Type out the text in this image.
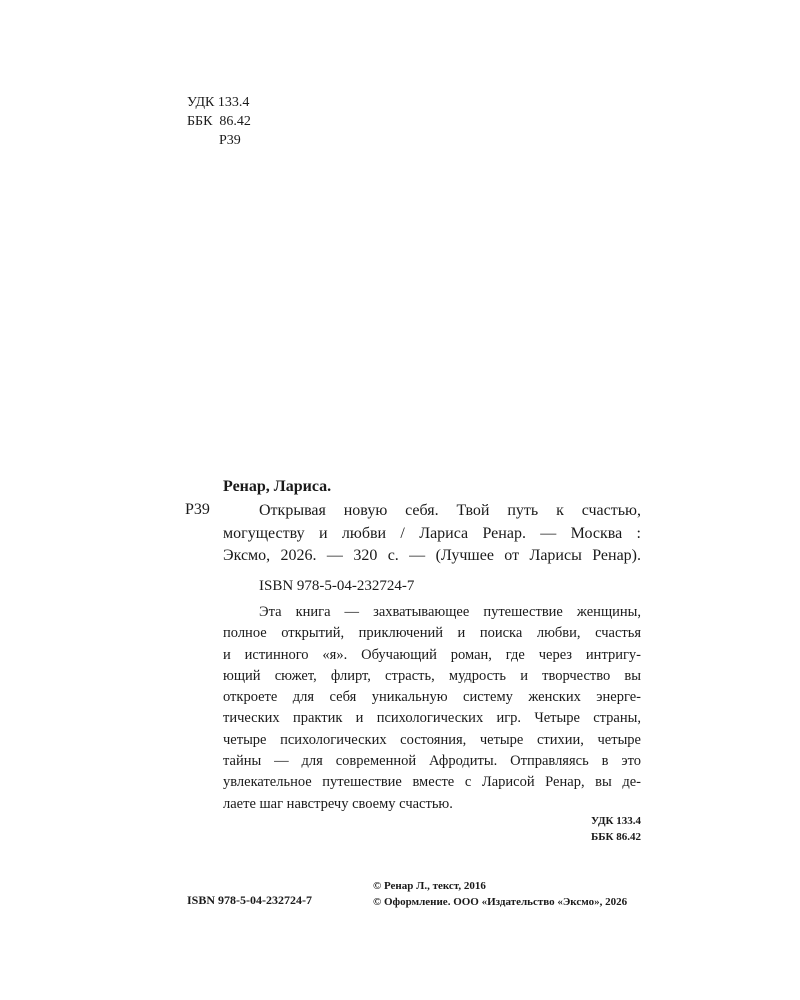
УДК 133.4
ББК  86.42
Р39
Ренар, Лариса.
Р39	Открывая новую себя. Твой путь к счастью,
могуществу и любви / Лариса Ренар. — Москва :
Эксмо, 2026. — 320 с. — (Лучшее от Ларисы Ренар).
ISBN 978-5-04-232724-7
Эта книга — захватывающее путешествие женщины,
полное открытий, приключений и поиска любви, счастья
и истинного «я». Обучающий роман, где через интригу-
ющий сюжет, флирт, страсть, мудрость и творчество вы
откроете для себя уникальную систему женских энерге-
тических практик и психологических игр. Четыре страны,
четыре психологических состояния, четыре стихии, четыре
тайны — для современной Афродиты. Отправляясь в это
увлекательное путешествие вместе с Ларисой Ренар, вы де-
лаете шаг навстречу своему счастью.
УДК 133.4
ББК 86.42
ISBN 978-5-04-232724-7
© Ренар Л., текст, 2016
© Оформление. ООО «Издательство «Эксмо», 2026
